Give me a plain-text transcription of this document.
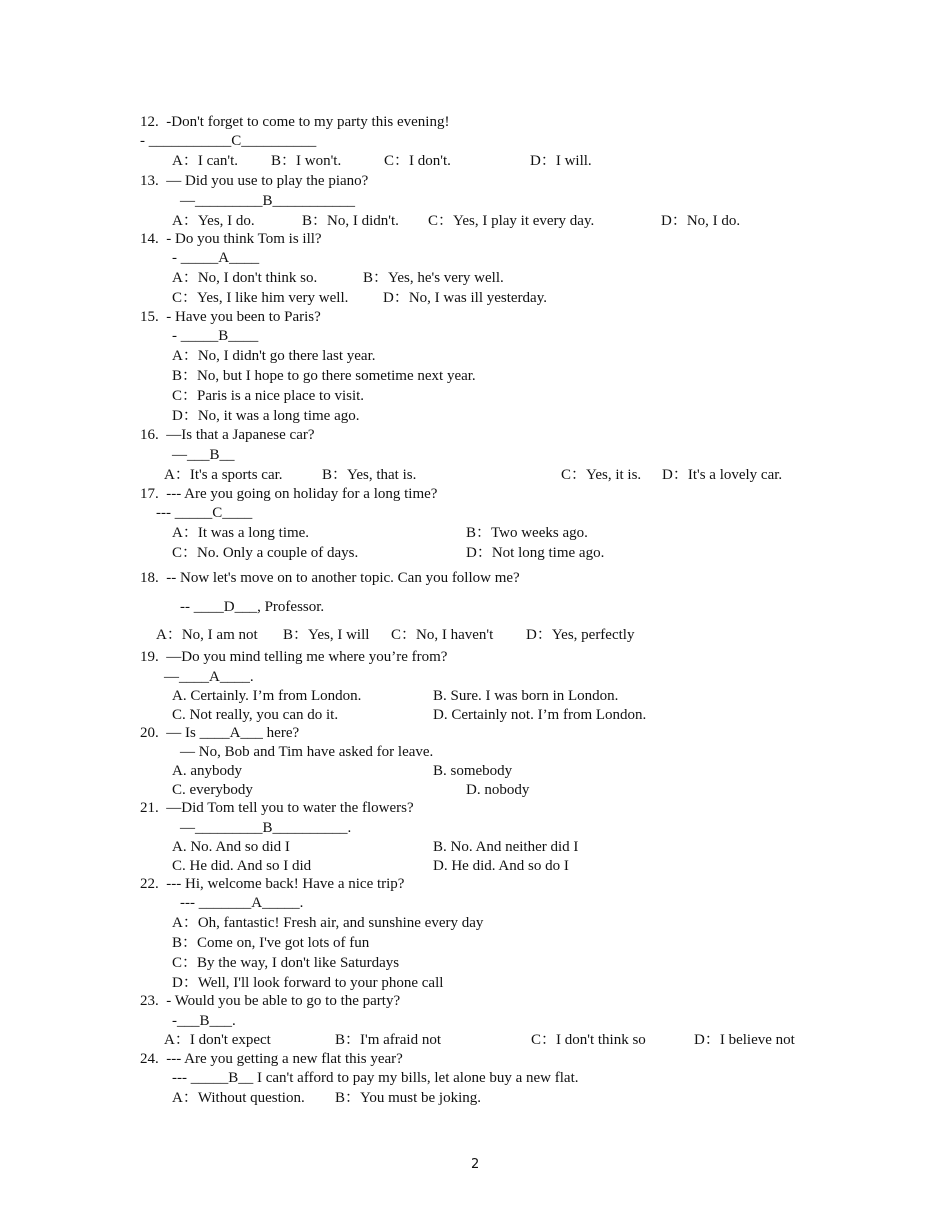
12.  -Don't forget to come to my party this evening!
- ___________C__________
A：I can't. B：I won't.	C：I don't.	D：I will.
13.  — Did you use to play the piano?
—_________B___________
A：Yes, I do.	B：No, I didn't. C：Yes, I play it every day.	D：No, I do.
14.  - Do you think Tom is ill?
- _____A____
A：No, I don't think so.	B：Yes, he's very well.
C：Yes, I like him very well. D：No, I was ill yesterday.
15.  - Have you been to Paris?
- _____B____
A：No, I didn't go there last year.
B：No, but I hope to go there sometime next year.
C：Paris is a nice place to visit.
D：No, it was a long time ago.
16.  —Is that a Japanese car?
—___B__
A：It's a sports car.	B：Yes, that is.	C：Yes, it is. D：It's a lovely car.
17.  --- Are you going on holiday for a long time?
--- _____C____
A：It was a long time.	B：Two weeks ago.
C：No. Only a couple of days.	D：Not long time ago.
18.  -- Now let's move on to another topic. Can you follow me?
-- ____D___, Professor.
A：No, I am not B：Yes, I will C：No, I haven't D：Yes, perfectly
19.  —Do you mind telling me where you’re from?
—____A____.
A. Certainly. I’m from London.	B. Sure. I was born in London.
C. Not really, you can do it.	D. Certainly not. I’m from London.
20.  — Is ____A___ here?
— No, Bob and Tim have asked for leave.
A. anybody	B. somebody
C. everybody	D. nobody
21.  —Did Tom tell you to water the flowers?
—_________B__________.
A. No. And so did I	B. No. And neither did I
C. He did. And so I did	D. He did. And so do I
22.  --- Hi, welcome back! Have a nice trip?
--- _______A_____.
A：Oh, fantastic! Fresh air, and sunshine every day
B：Come on, I've got lots of fun
C：By the way, I don't like Saturdays
D：Well, I'll look forward to your phone call
23.  - Would you be able to go to the party?
-___B___.
A：I don't expect	B：I'm afraid not	C：I don't think so	D：I believe not
24.  --- Are you getting a new flat this year?
--- _____B__ I can't afford to pay my bills, let alone buy a new flat.
A：Without question. B：You must be joking.
2
